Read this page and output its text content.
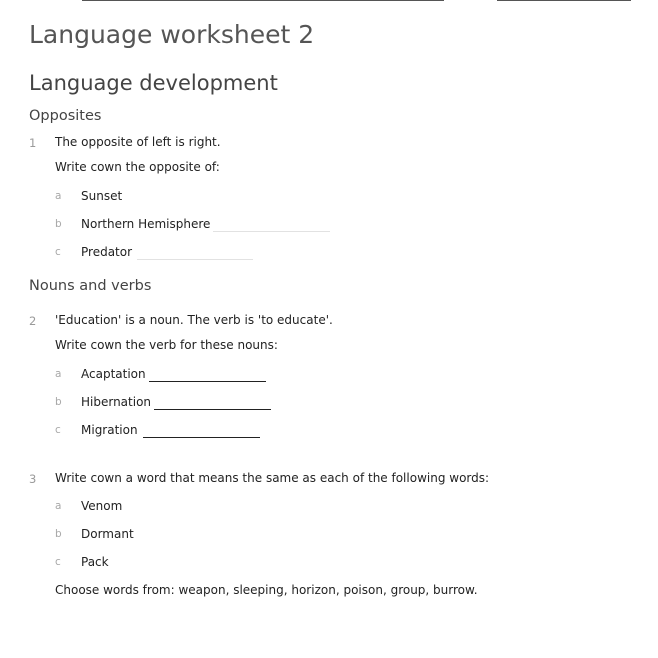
Language worksheet 2
Language development
Opposites
1 The opposite of left is right.
Write cown the opposite of:
a Sunset
b Northern Hemisphere
c Predator
Nouns and verbs
2 'Education' is a noun. The verb is 'to educate'.
Write cown the verb for these nouns:
a Acaptation
b Hibernation
c Migration
3 Write cown a word that means the same as each of the following words:
a Venom
b Dormant
c Pack
Choose words from: weapon, sleeping, horizon, poison, group, burrow.
